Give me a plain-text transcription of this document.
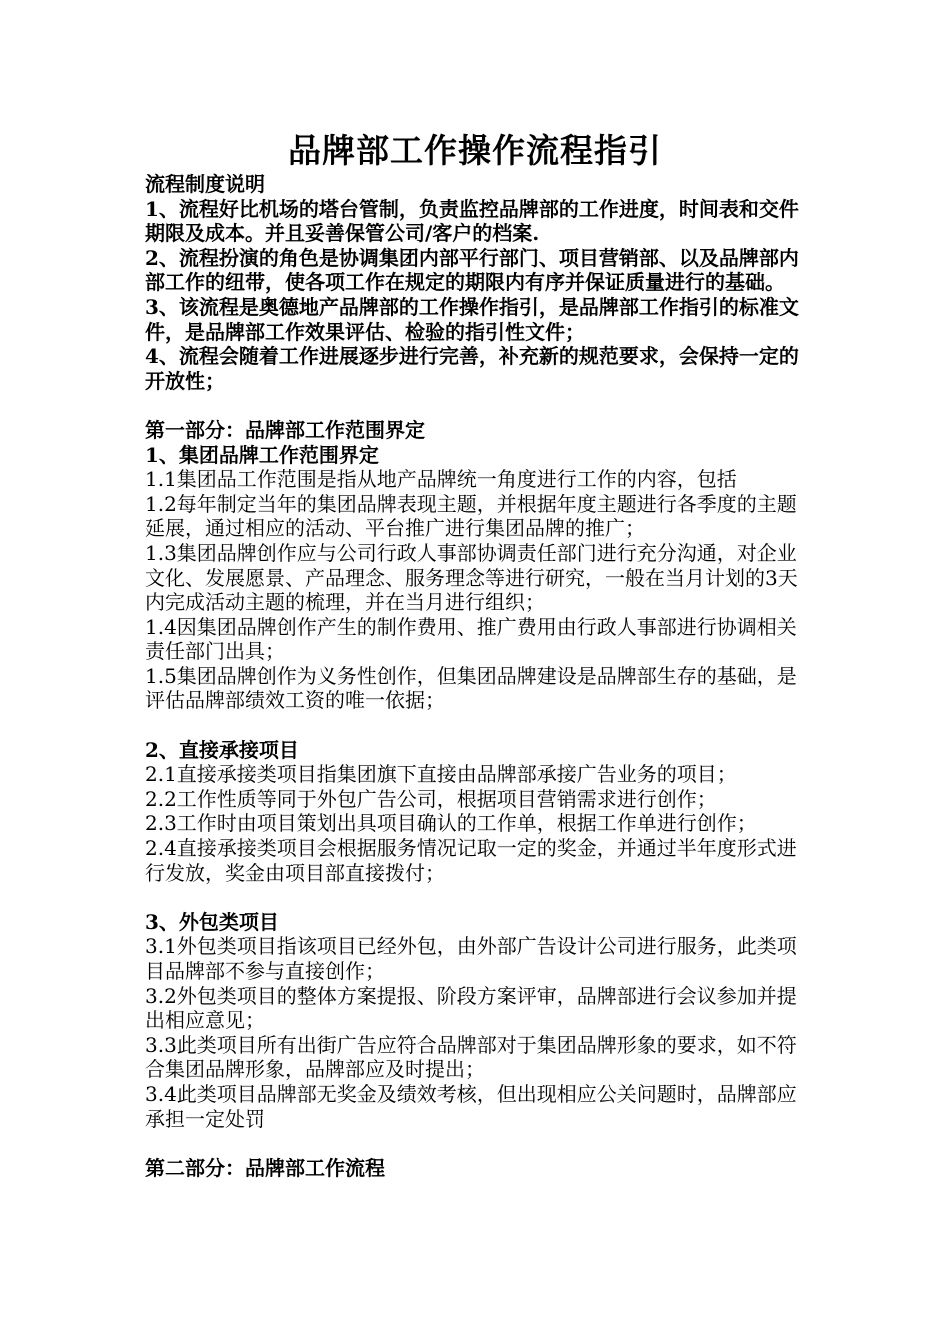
品牌部工作操作流程指引

流程制度说明

1、流程好比机场的塔台管制，负责监控品牌部的工作进度，时间表和交件期限及成本。并且妥善保管公司/客户的档案.

2、流程扮演的角色是协调集团内部平行部门、项目营销部、以及品牌部内部工作的纽带，使各项工作在规定的期限内有序并保证质量进行的基础。

3、该流程是奥德地产品牌部的工作操作指引，是品牌部工作指引的标准文件，是品牌部工作效果评估、检验的指引性文件；

4、流程会随着工作进展逐步进行完善，补充新的规范要求，会保持一定的开放性；

第一部分：品牌部工作范围界定

1、集团品牌工作范围界定

1.1集团品工作范围是指从地产品牌统一角度进行工作的内容，包括

1.2每年制定当年的集团品牌表现主题，并根据年度主题进行各季度的主题延展，通过相应的活动、平台推广进行集团品牌的推广；

1.3集团品牌创作应与公司行政人事部协调责任部门进行充分沟通，对企业文化、发展愿景、产品理念、服务理念等进行研究，一般在当月计划的3天内完成活动主题的梳理，并在当月进行组织；

1.4因集团品牌创作产生的制作费用、推广费用由行政人事部进行协调相关责任部门出具；

1.5集团品牌创作为义务性创作，但集团品牌建设是品牌部生存的基础，是评估品牌部绩效工资的唯一依据；

2、直接承接项目

2.1直接承接类项目指集团旗下直接由品牌部承接广告业务的项目；

2.2工作性质等同于外包广告公司，根据项目营销需求进行创作；

2.3工作时由项目策划出具项目确认的工作单，根据工作单进行创作；

2.4直接承接类项目会根据服务情况记取一定的奖金，并通过半年度形式进行发放，奖金由项目部直接拨付；

3、外包类项目

3.1外包类项目指该项目已经外包，由外部广告设计公司进行服务，此类项目品牌部不参与直接创作；

3.2外包类项目的整体方案提报、阶段方案评审，品牌部进行会议参加并提出相应意见；

3.3此类项目所有出街广告应符合品牌部对于集团品牌形象的要求，如不符合集团品牌形象，品牌部应及时提出；

3.4此类项目品牌部无奖金及绩效考核，但出现相应公关问题时，品牌部应承担一定处罚

第二部分：品牌部工作流程
